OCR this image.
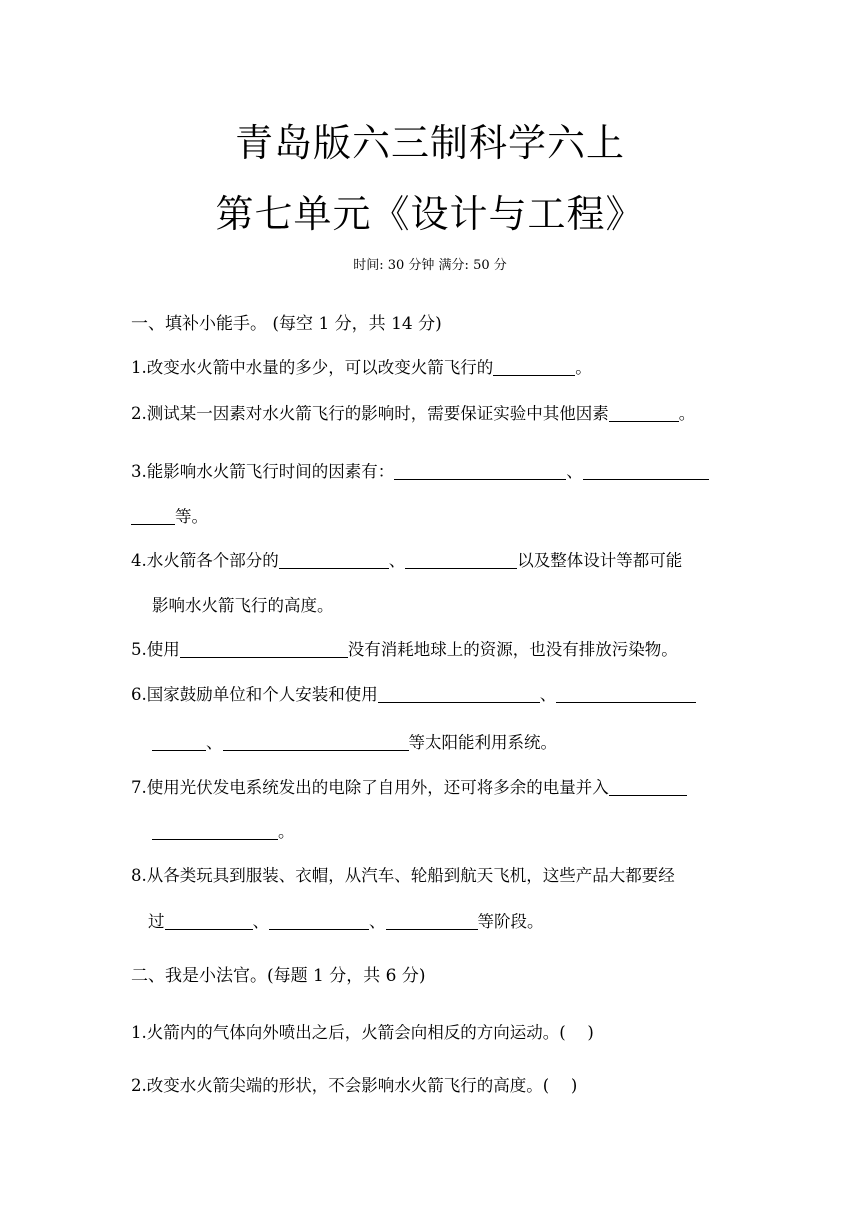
青岛版六三制科学六上
第七单元《设计与工程》
时间: 30 分钟 满分: 50 分
一、填补小能手。 (每空 1 分，共 14 分)
1.改变水火箭中水量的多少，可以改变火箭飞行的	。
2.测试某一因素对水火箭飞行的影响时，需要保证实验中其他因素	。
3.能影响水火箭飞行时间的因素有：	、
等。
4.水火箭各个部分的	、	以及整体设计等都可能
影响水火箭飞行的高度。
5.使用	没有消耗地球上的资源，也没有排放污染物。
6.国家鼓励单位和个人安装和使用	、
、	等太阳能利用系统。
7.使用光伏发电系统发出的电除了自用外，还可将多余的电量并入
。
8.从各类玩具到服装、衣帽，从汽车、轮船到航天飞机，这些产品大都要经
过	、	、	等阶段。
二、我是小法官。(每题 1 分，共 6 分)
1.火箭内的气体向外喷出之后，火箭会向相反的方向运动。(　 )
2.改变水火箭尖端的形状，不会影响水火箭飞行的高度。(　 )
